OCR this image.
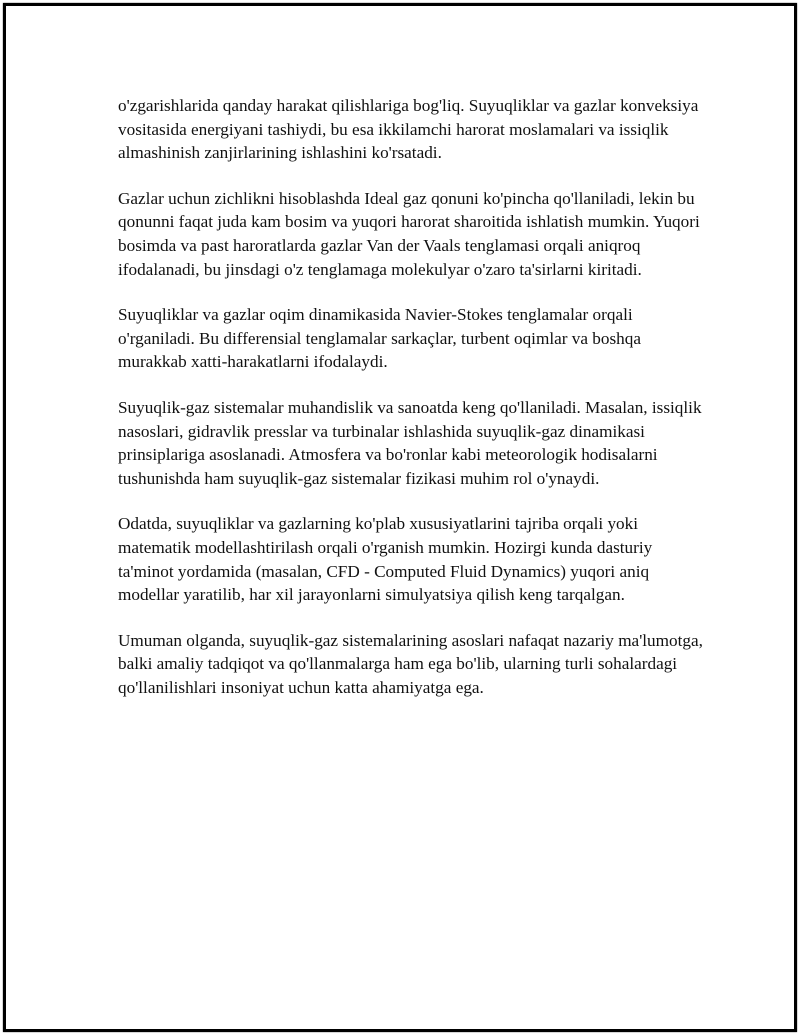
o'zgarishlarida qanday harakat qilishlariga bog'liq. Suyuqliklar va gazlar konveksiya vositasida energiyani tashiydi, bu esa ikkilamchi harorat moslamalari va issiqlik almashinish zanjirlarining ishlashini ko'rsatadi.

Gazlar uchun zichlikni hisoblashda Ideal gaz qonuni ko'pincha qo'llaniladi, lekin bu qonunni faqat juda kam bosim va yuqori harorat sharoitida ishlatish mumkin. Yuqori bosimda va past haroratlarda gazlar Van der Vaals tenglamasi orqali aniqroq ifodalanadi, bu jinsdagi o'z tenglamaga molekulyar o'zaro ta'sirlarni kiritadi.

Suyuqliklar va gazlar oqim dinamikasida Navier-Stokes tenglamalar orqali o'rganiladi. Bu differensial tenglamalar sarkaçlar, turbent oqimlar va boshqa murakkab xatti-harakatlarni ifodalaydi.

Suyuqlik-gaz sistemalar muhandislik va sanoatda keng qo'llaniladi. Masalan, issiqlik nasoslari, gidravlik presslar va turbinalar ishlashida suyuqlik-gaz dinamikasi prinsiplariga asoslanadi. Atmosfera va bo'ronlar kabi meteorologik hodisalarni tushunishda ham suyuqlik-gaz sistemalar fizikasi muhim rol o'ynaydi.

Odatda, suyuqliklar va gazlarning ko'plab xususiyatlarini tajriba orqali yoki matematik modellashtirilash orqali o'rganish mumkin. Hozirgi kunda dasturiy ta'minot yordamida (masalan, CFD - Computed Fluid Dynamics) yuqori aniq modellar yaratilib, har xil jarayonlarni simulyatsiya qilish keng tarqalgan.

Umuman olganda, suyuqlik-gaz sistemalarining asoslari nafaqat nazariy ma'lumotga, balki amaliy tadqiqot va qo'llanmalarga ham ega bo'lib, ularning turli sohalardagi qo'llanilishlari insoniyat uchun katta ahamiyatga ega.
